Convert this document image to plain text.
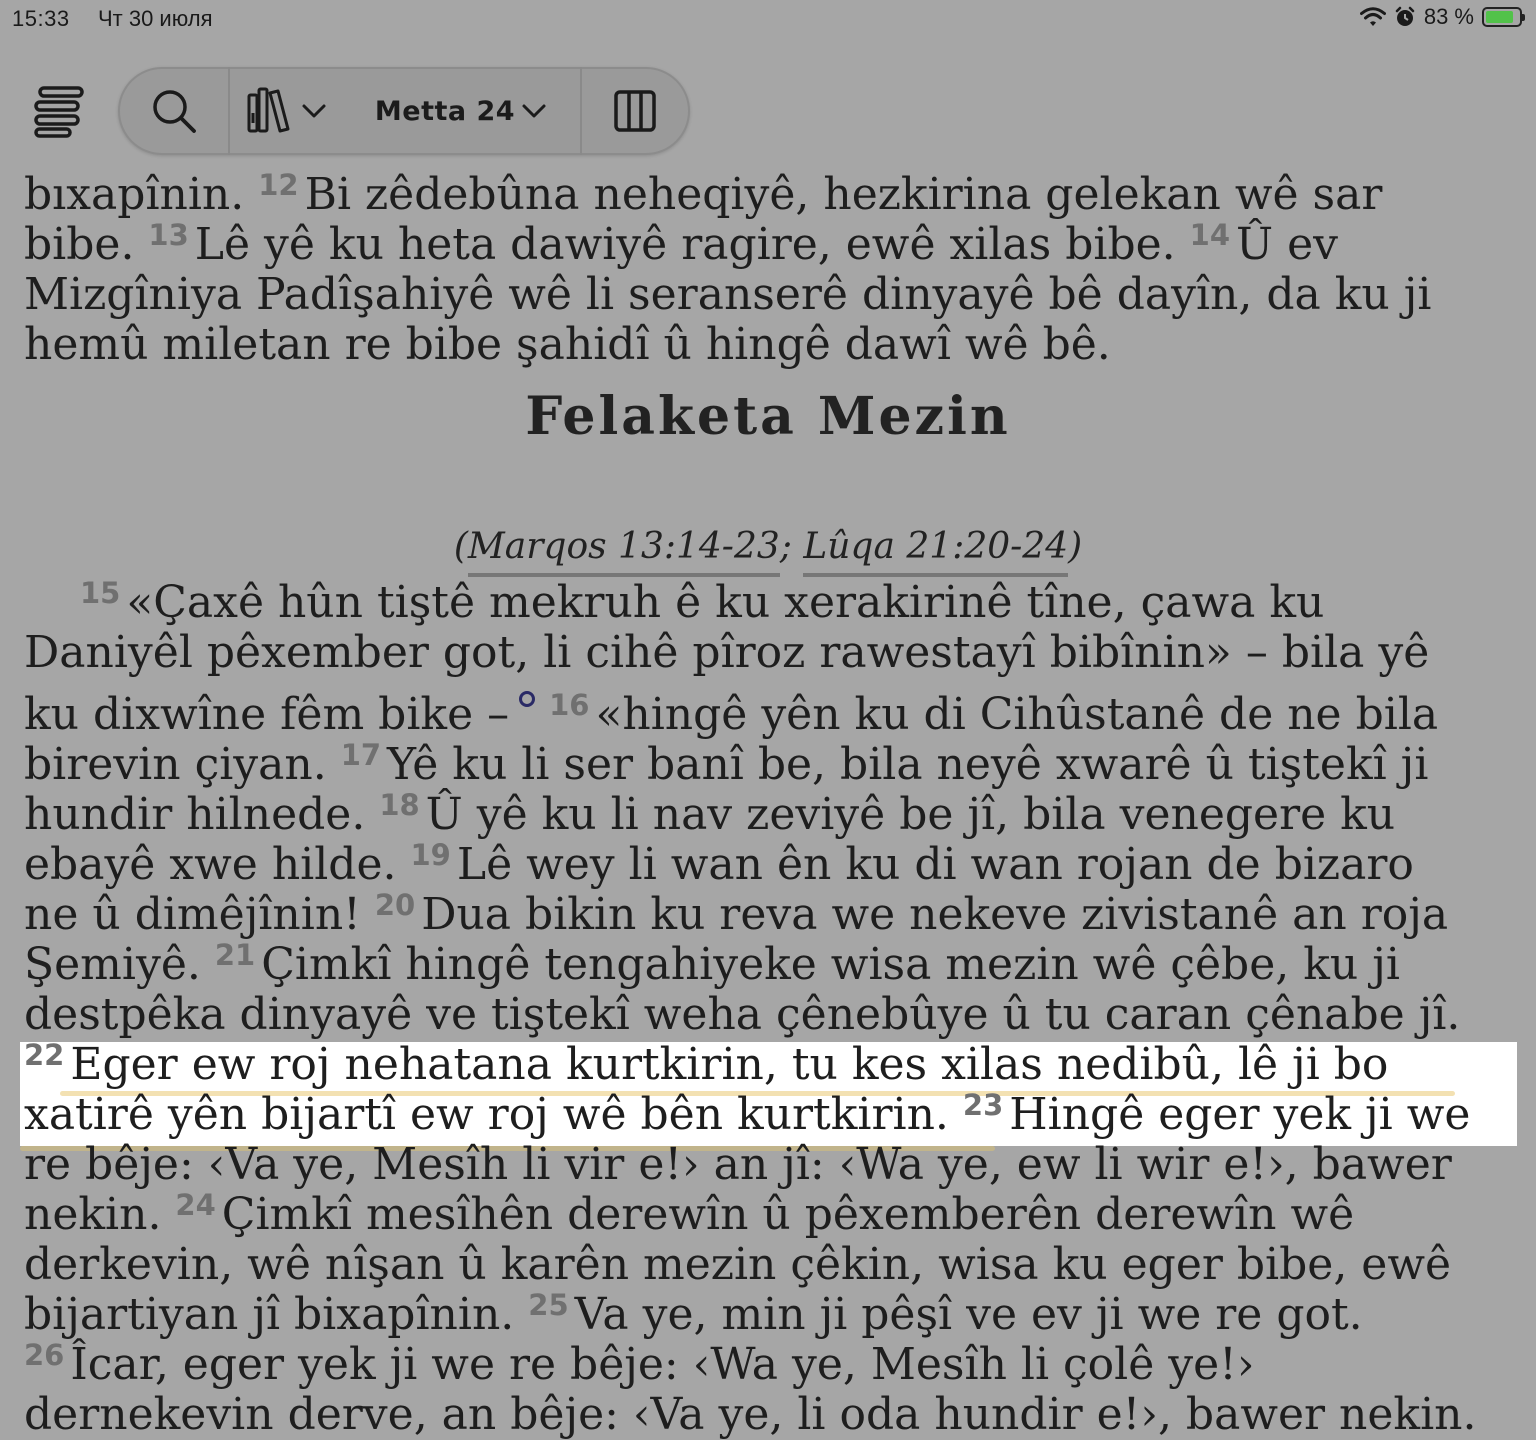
15:33 Чт 30 июля	83 %
Metta 24
Felaketa Mezin
(Marqos 13:14-23; Lûqa 21:20-24)
bıxapînin. $^{12}$ Bi zêdebûna neheqiyê, hezkirina gelekan wê sar
bibe. $^{13}$ Lê yê ku heta dawiyê ragire, ewê xilas bibe. $^{14}$ Û ev
Mizgîniya Padîşahiyê wê li seranserê dinyayê bê dayîn, da ku ji
hemû miletan re bibe şahidî û hingê dawî wê bê.
$^{15}$ «Çaxê hûn tiştê mekruh ê ku xerakirinê tîne, çawa ku
Daniyêl pêxember got, li cihê pîroz rawestayî bibînin» – bila yê
ku dixwîne fêm bike – $^{16}$ «hingê yên ku di Cihûstanê de ne bila
birevin çiyan. $^{17}$ Yê ku li ser banî be, bila neyê xwarê û tiştekî ji
hundir hilnede. $^{18}$ Û yê ku li nav zeviyê be jî, bila venegere ku
ebayê xwe hilde. $^{19}$ Lê wey li wan ên ku di wan rojan de bizaro
ne û dimêjînin! $^{20}$ Dua bikin ku reva we nekeve zivistanê an roja
Şemiyê. $^{21}$ Çimkî hingê tengahiyeke wisa mezin wê çêbe, ku ji
destpêka dinyayê ve tiştekî weha çênebûye û tu caran çênabe jî.
$^{22}$ Eger ew roj nehatana kurtkirin, tu kes xilas nedibû, lê ji bo
xatirê yên bijartî ew roj wê bên kurtkirin. $^{23}$ Hingê eger yek ji we
re bêje: ‹Va ye, Mesîh li vir e!› an jî: ‹Wa ye, ew li wir e!›, bawer
nekin. $^{24}$ Çimkî mesîhên derewîn û pêxemberên derewîn wê
derkevin, wê nîşan û karên mezin çêkin, wisa ku eger bibe, ewê
bijartiyan jî bixapînin. $^{25}$ Va ye, min ji pêşî ve ev ji we re got.
$^{26}$ Îcar, eger yek ji we re bêje: ‹Wa ye, Mesîh li çolê ye!›
dernekevin derve, an bêje: ‹Va ye, li oda hundir e!›, bawer nekin.
